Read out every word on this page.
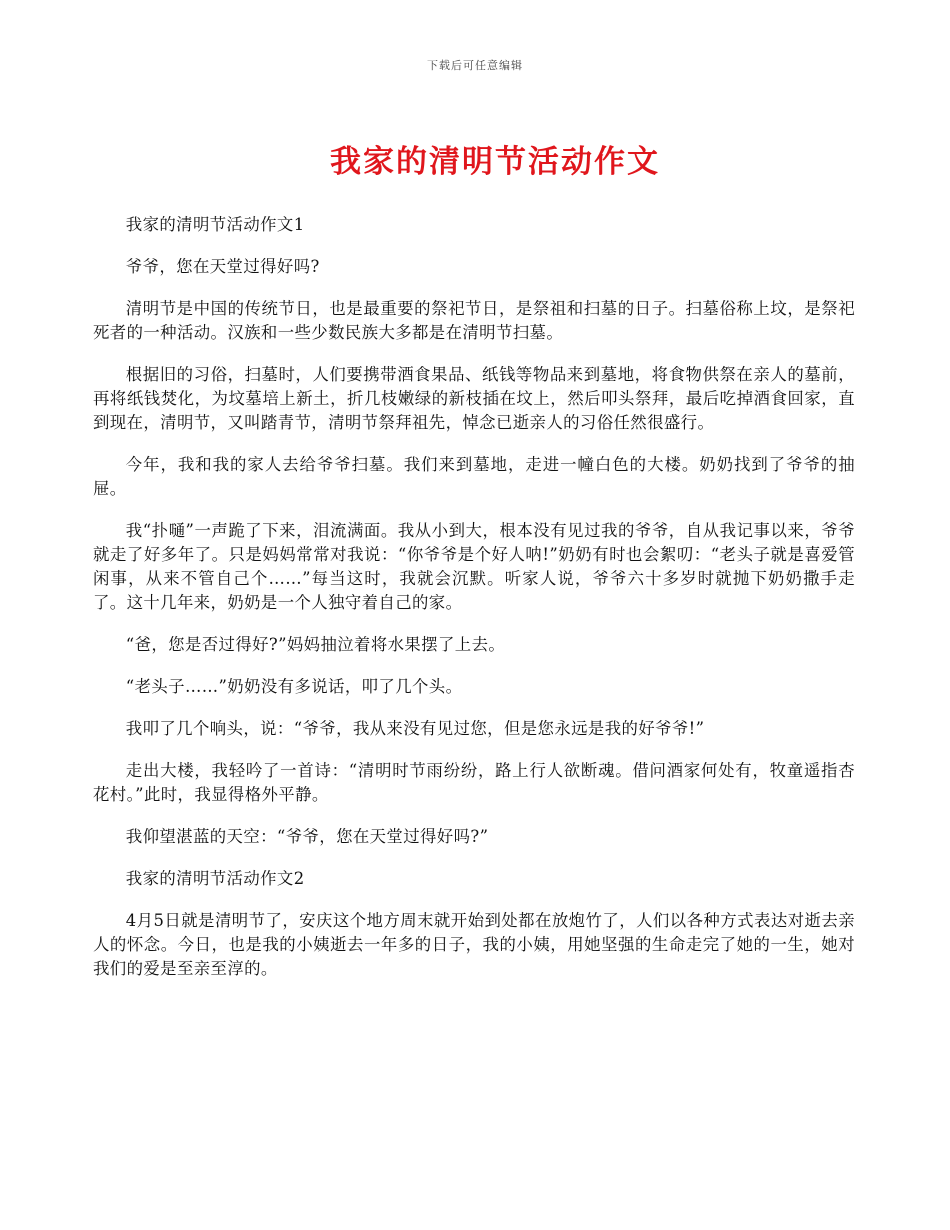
下载后可任意编辑
我家的清明节活动作文

我家的清明节活动作文1

爷爷，您在天堂过得好吗?

清明节是中国的传统节日，也是最重要的祭祀节日，是祭祖和扫墓的日子。扫墓俗称上坟，是祭祀死者的一种活动。汉族和一些少数民族大多都是在清明节扫墓。

根据旧的习俗，扫墓时，人们要携带酒食果品、纸钱等物品来到墓地，将食物供祭在亲人的墓前，再将纸钱焚化，为坟墓培上新土，折几枝嫩绿的新枝插在坟上，然后叩头祭拜，最后吃掉酒食回家，直到现在，清明节，又叫踏青节，清明节祭拜祖先，悼念已逝亲人的习俗任然很盛行。

今年，我和我的家人去给爷爷扫墓。我们来到墓地，走进一幢白色的大楼。奶奶找到了爷爷的抽屉。

我“扑嗵”一声跪了下来，泪流满面。我从小到大，根本没有见过我的爷爷，自从我记事以来，爷爷就走了好多年了。只是妈妈常常对我说：“你爷爷是个好人呐!”奶奶有时也会絮叨：“老头子就是喜爱管闲事，从来不管自己个……”每当这时，我就会沉默。听家人说，爷爷六十多岁时就抛下奶奶撒手走了。这十几年来，奶奶是一个人独守着自己的家。

“爸，您是否过得好?”妈妈抽泣着将水果摆了上去。

“老头子……”奶奶没有多说话，叩了几个头。

我叩了几个响头，说：“爷爷，我从来没有见过您，但是您永远是我的好爷爷!”

走出大楼，我轻吟了一首诗：“清明时节雨纷纷，路上行人欲断魂。借问酒家何处有，牧童遥指杏花村。”此时，我显得格外平静。

我仰望湛蓝的天空：“爷爷，您在天堂过得好吗?”

我家的清明节活动作文2

4月5日就是清明节了，安庆这个地方周末就开始到处都在放炮竹了，人们以各种方式表达对逝去亲人的怀念。今日，也是我的小姨逝去一年多的日子，我的小姨，用她坚强的生命走完了她的一生，她对我们的爱是至亲至淳的。
